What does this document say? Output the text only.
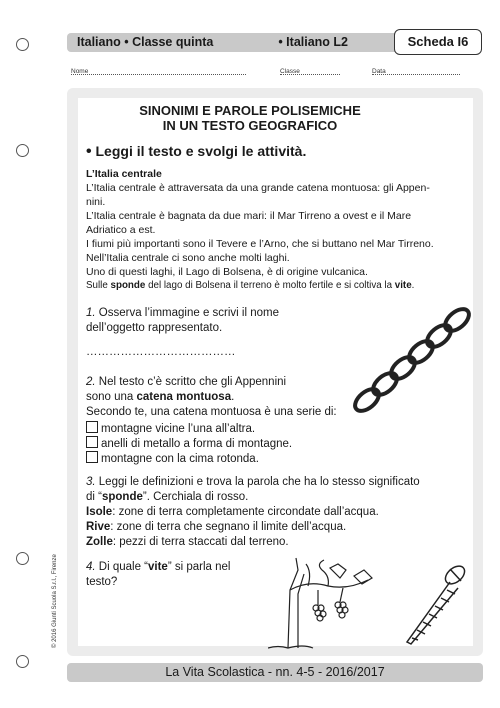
Italiano • Classe quinta	• Italiano L2	Scheda I6
Nome	Classe	Data
SINONIMI E PAROLE POLISEMICHE
IN UN TESTO GEOGRAFICO
• Leggi il testo e svolgi le attività.
L’Italia centrale
L’Italia centrale è attraversata da una grande catena montuosa: gli Appen-
nini.
L’Italia centrale è bagnata da due mari: il Mar Tirreno a ovest e il Mare
Adriatico a est.
I fiumi più importanti sono il Tevere e l’Arno, che si buttano nel Mar Tirreno.
Nell’Italia centrale ci sono anche molti laghi.
Uno di questi laghi, il Lago di Bolsena, è di origine vulcanica.
Sulle sponde del lago di Bolsena il terreno è molto fertile e si coltiva la vite.
1. Osserva l’immagine e scrivi il nome
dell’oggetto rappresentato.
…………………………………
2. Nel testo c’è scritto che gli Appennini
sono una catena montuosa.
Secondo te, una catena montuosa è una serie di:
montagne vicine l’una all’altra.
anelli di metallo a forma di montagne.
montagne con la cima rotonda.
3. Leggi le definizioni e trova la parola che ha lo stesso significato
di “sponde”. Cerchiala di rosso.
Isole: zone di terra completamente circondate dall’acqua.
Rive: zone di terra che segnano il limite dell’acqua.
Zolle: pezzi di terra staccati dal terreno.
4. Di quale “vite” si parla nel
testo?
© 2016 Giunti Scuola S.r.l., Firenze
La Vita Scolastica - nn. 4-5 - 2016/2017
